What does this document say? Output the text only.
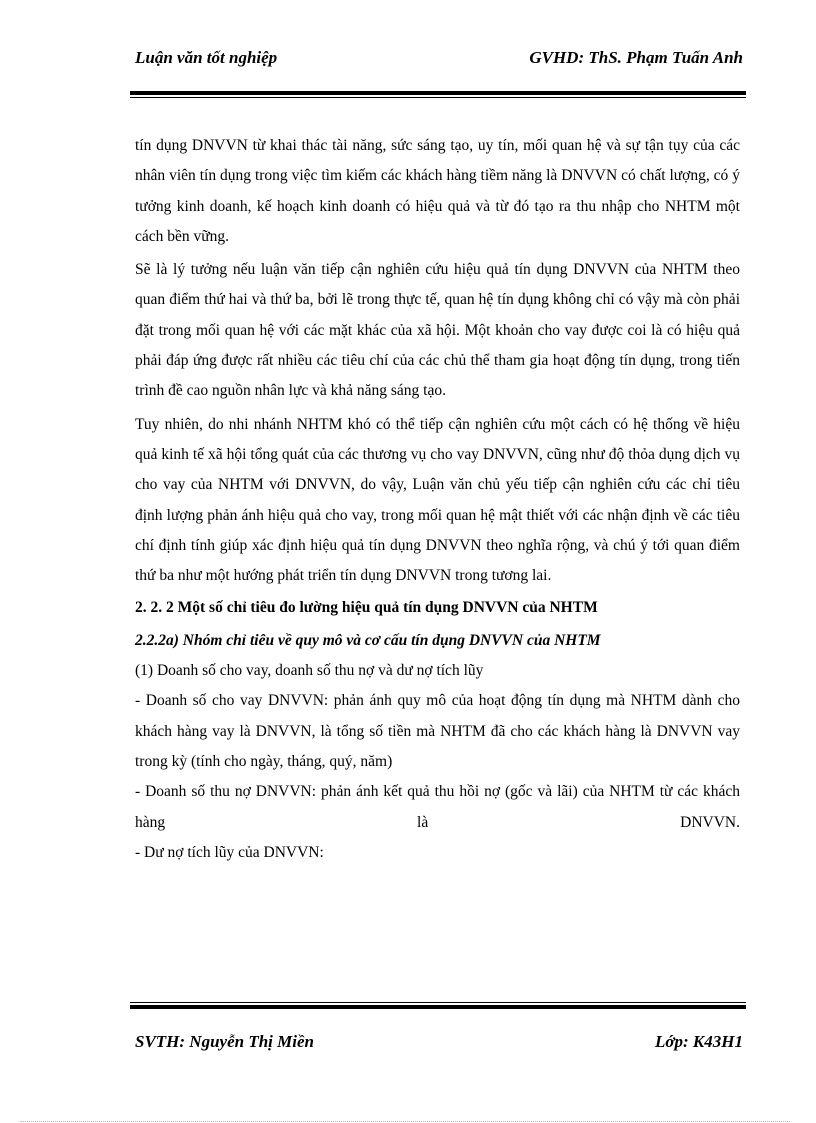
Luận văn tốt nghiệp	GVHD: ThS. Phạm Tuấn Anh

tín dụng DNVVN từ khai thác tài năng, sức sáng tạo, uy tín, mối quan hệ và sự tận tụy của các nhân viên tín dụng trong việc tìm kiếm các khách hàng tiềm năng là DNVVN có chất lượng, có ý tưởng kinh doanh, kế hoạch kinh doanh có hiệu quả và từ đó tạo ra thu nhập cho NHTM một cách bền vững.

Sẽ là lý tưởng nếu luận văn tiếp cận nghiên cứu hiệu quả tín dụng DNVVN của NHTM theo quan điểm thứ hai và thứ ba, bởi lẽ trong thực tế, quan hệ tín dụng không chỉ có vậy mà còn phải đặt trong mối quan hệ với các mặt khác của xã hội. Một khoản cho vay được coi là có hiệu quả phải đáp ứng được rất nhiều các tiêu chí của các chủ thể tham gia hoạt động tín dụng, trong tiến trình đề cao nguồn nhân lực và khả năng sáng tạo.

Tuy nhiên, do nhi nhánh NHTM khó có thể tiếp cận nghiên cứu một cách có hệ thống về hiệu quả kinh tế xã hội tổng quát của các thương vụ cho vay DNVVN, cũng như độ thỏa dụng dịch vụ cho vay của NHTM với DNVVN, do vậy, Luận văn chủ yếu tiếp cận nghiên cứu các chỉ tiêu định lượng phản ánh hiệu quả cho vay, trong mối quan hệ mật thiết với các nhận định về các tiêu chí định tính giúp xác định hiệu quả tín dụng DNVVN theo nghĩa rộng, và chú ý tới quan điểm thứ ba như một hướng phát triển tín dụng DNVVN trong tương lai.

2. 2. 2 Một số chỉ tiêu đo lường hiệu quả tín dụng DNVVN của NHTM

2.2.2a) Nhóm chỉ tiêu về quy mô và cơ cấu tín dụng DNVVN của NHTM

(1) Doanh số cho vay, doanh số thu nợ và dư nợ tích lũy

- Doanh số cho vay DNVVN: phản ánh quy mô của hoạt động tín dụng mà NHTM dành cho khách hàng vay là DNVVN, là tổng số tiền mà NHTM đã cho các khách hàng là DNVVN vay trong kỳ (tính cho ngày, tháng, quý, năm)

- Doanh số thu nợ DNVVN: phản ánh kết quả thu hồi nợ (gốc và lãi) của NHTM từ các khách hàng là DNVVN.

- Dư nợ tích lũy của DNVVN:

SVTH: Nguyễn Thị Miền	Lớp: K43H1
